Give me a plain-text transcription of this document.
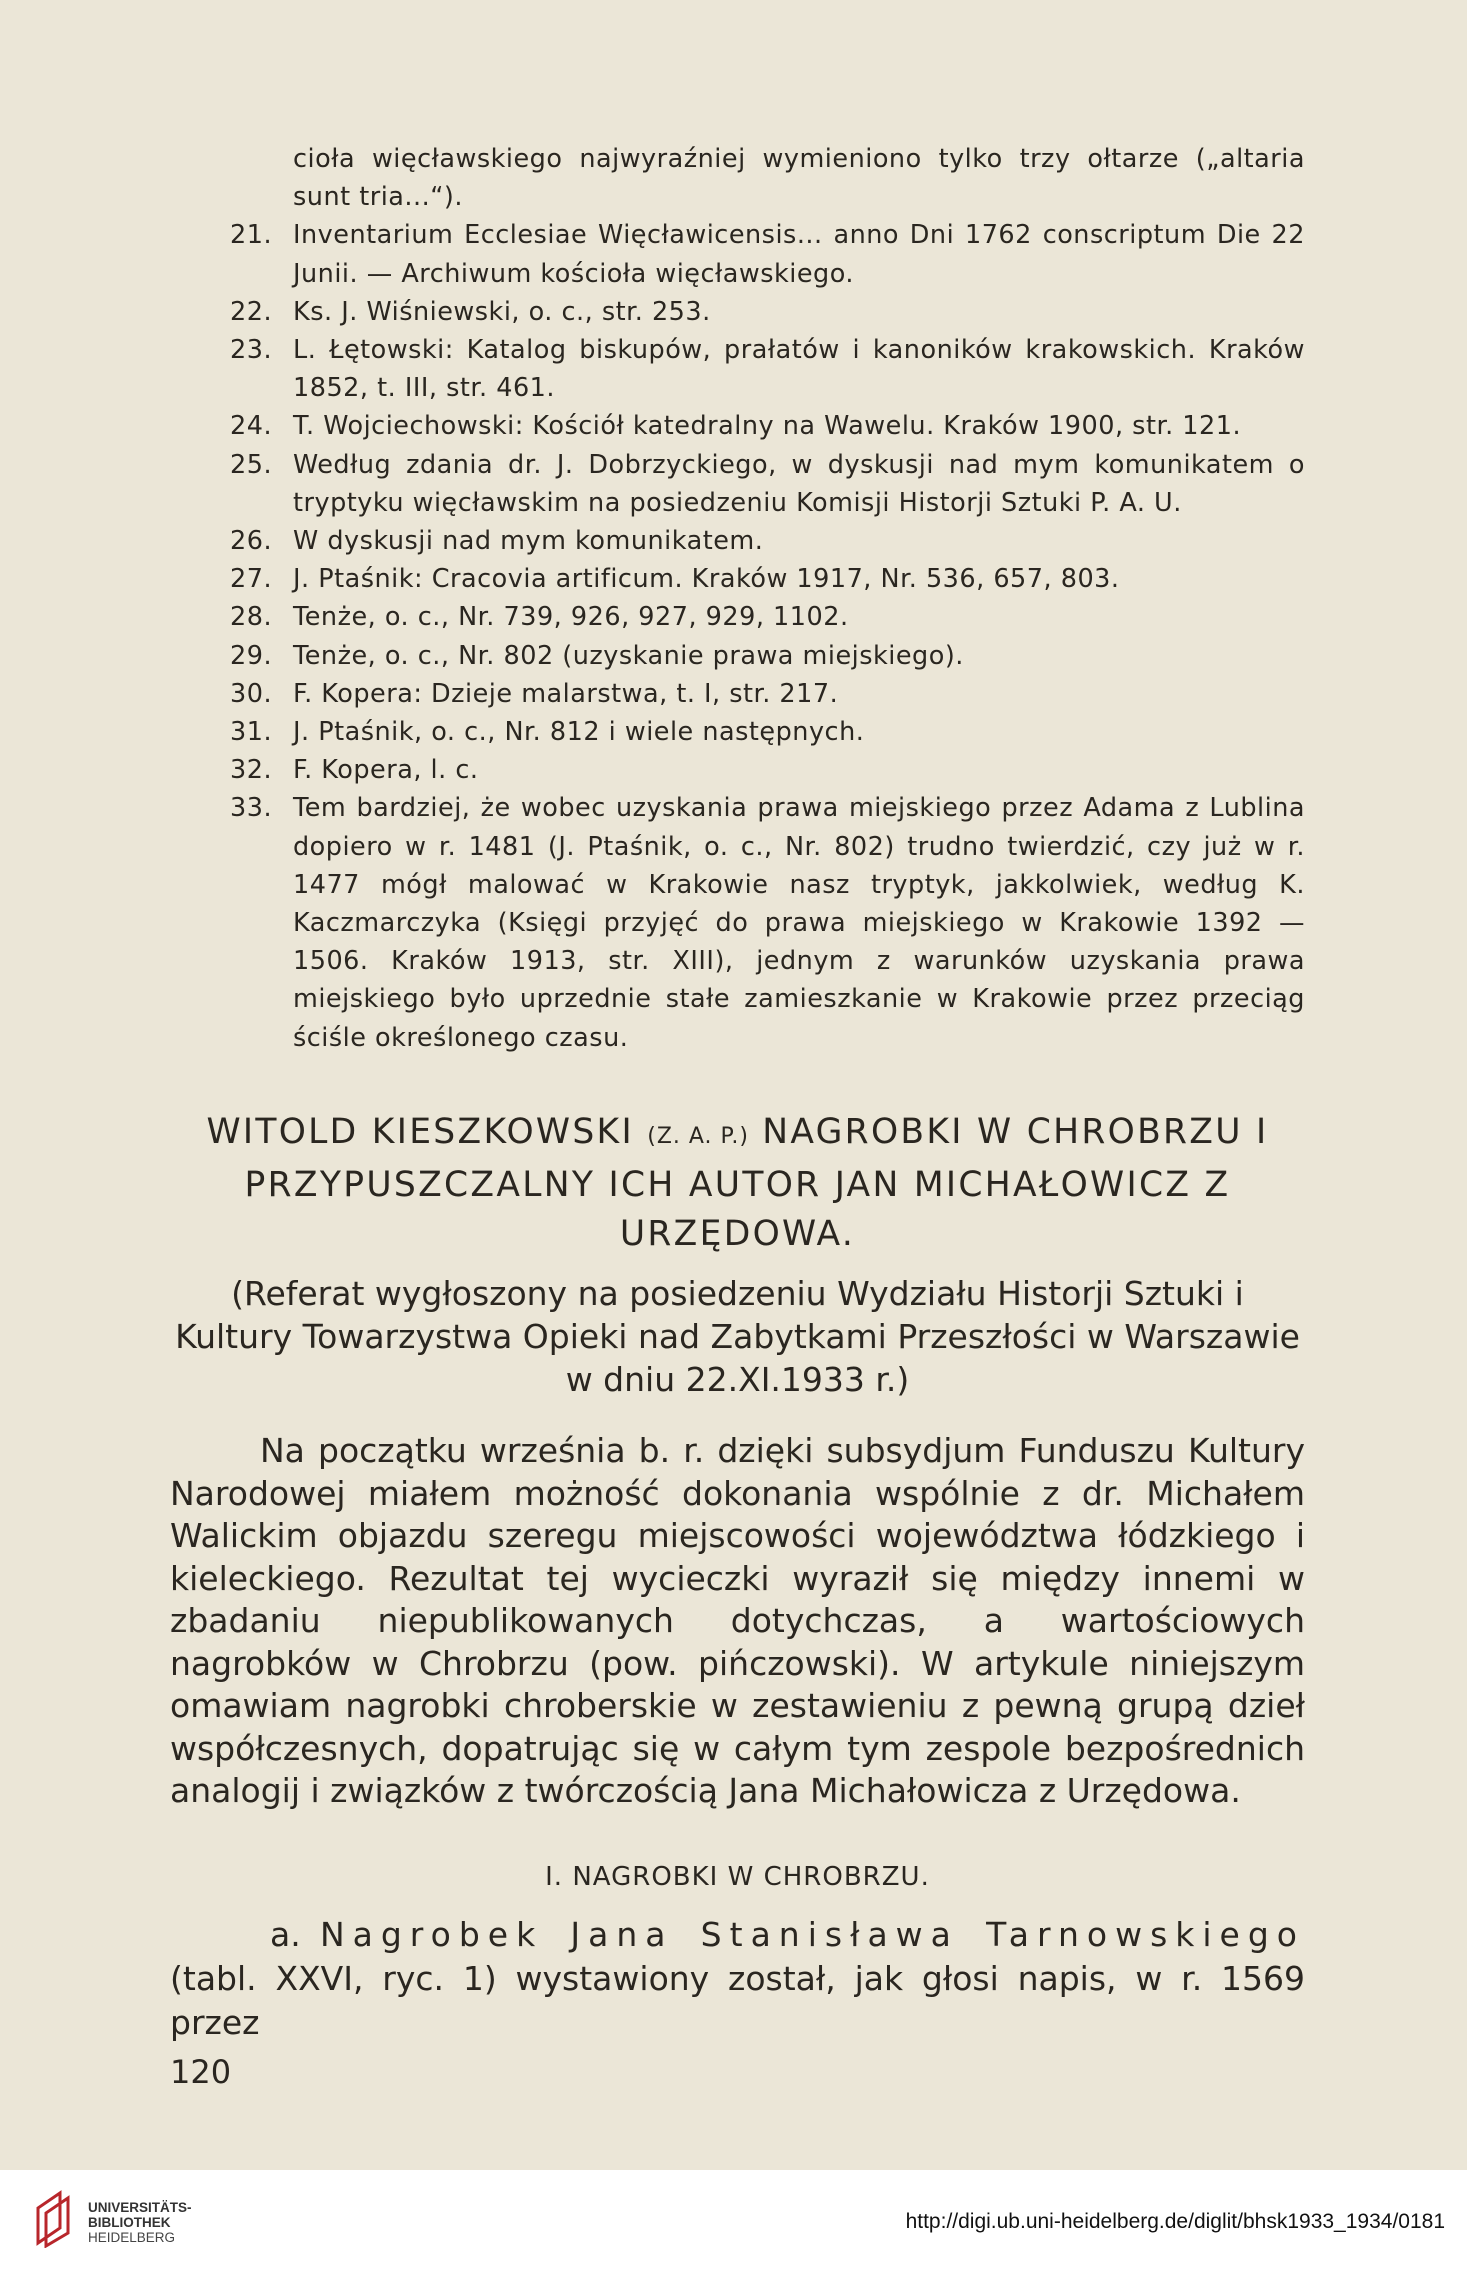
cioła więcławskiego najwyraźniej wymieniono tylko trzy ołtarze („altaria sunt tria...“).
21. Inventarium Ecclesiae Więcławicensis... anno Dni 1762 conscriptum Die 22 Junii. — Archiwum kościoła więcławskiego.
22. Ks. J. Wiśniewski, o. c., str. 253.
23. L. Łętowski: Katalog biskupów, prałatów i kanoników krakowskich. Kraków 1852, t. III, str. 461.
24. T. Wojciechowski: Kościół katedralny na Wawelu. Kraków 1900, str. 121.
25. Według zdania dr. J. Dobrzyckiego, w dyskusji nad mym komunikatem o tryptyku więcławskim na posiedzeniu Komisji Historji Sztuki P. A. U.
26. W dyskusji nad mym komunikatem.
27. J. Ptaśnik: Cracovia artificum. Kraków 1917, Nr. 536, 657, 803.
28. Tenże, o. c., Nr. 739, 926, 927, 929, 1102.
29. Tenże, o. c., Nr. 802 (uzyskanie prawa miejskiego).
30. F. Kopera: Dzieje malarstwa, t. I, str. 217.
31. J. Ptaśnik, o. c., Nr. 812 i wiele następnych.
32. F. Kopera, l. c.
33. Tem bardziej, że wobec uzyskania prawa miejskiego przez Adama z Lublina dopiero w r. 1481 (J. Ptaśnik, o. c., Nr. 802) trudno twierdzić, czy już w r. 1477 mógł malować w Krakowie nasz tryptyk, jakkolwiek, według K. Kaczmarczyka (Księgi przyjęć do prawa miejskiego w Krakowie 1392 — 1506. Kraków 1913, str. XIII), jednym z warunków uzyskania prawa miejskiego było uprzednie stałe zamieszkanie w Krakowie przez przeciąg ściśle określonego czasu.
WITOLD KIESZKOWSKI (Z. A. P.) NAGROBKI W CHROBRZU I PRZYPUSZCZALNY ICH AUTOR JAN MICHAŁOWICZ Z URZĘDOWA.
(Referat wygłoszony na posiedzeniu Wydziału Historji Sztuki i Kultury Towarzystwa Opieki nad Zabytkami Przeszłości w Warszawie w dniu 22.XI.1933 r.)
Na początku września b. r. dzięki subsydjum Funduszu Kultury Narodowej miałem możność dokonania wspólnie z dr. Michałem Walickim objazdu szeregu miejscowości województwa łódzkiego i kieleckiego. Rezultat tej wycieczki wyraził się między innemi w zbadaniu niepublikowanych dotychczas, a wartościowych nagrobków w Chrobrzu (pow. pińczowski). W artykule niniejszym omawiam nagrobki chroberskie w zestawieniu z pewną grupą dzieł współczesnych, dopatrując się w całym tym zespole bezpośrednich analogij i związków z twórczością Jana Michałowicza z Urzędowa.
I. NAGROBKI W CHROBRZU.
a. Nagrobek Jana Stanisława Tarnowskiego (tabl. XXVI, ryc. 1) wystawiony został, jak głosi napis, w r. 1569 przez
120
UNIVERSITÄTS-
BIBLIOTHEK
HEIDELBERG
http://digi.ub.uni-heidelberg.de/diglit/bhsk1933_1934/0181
